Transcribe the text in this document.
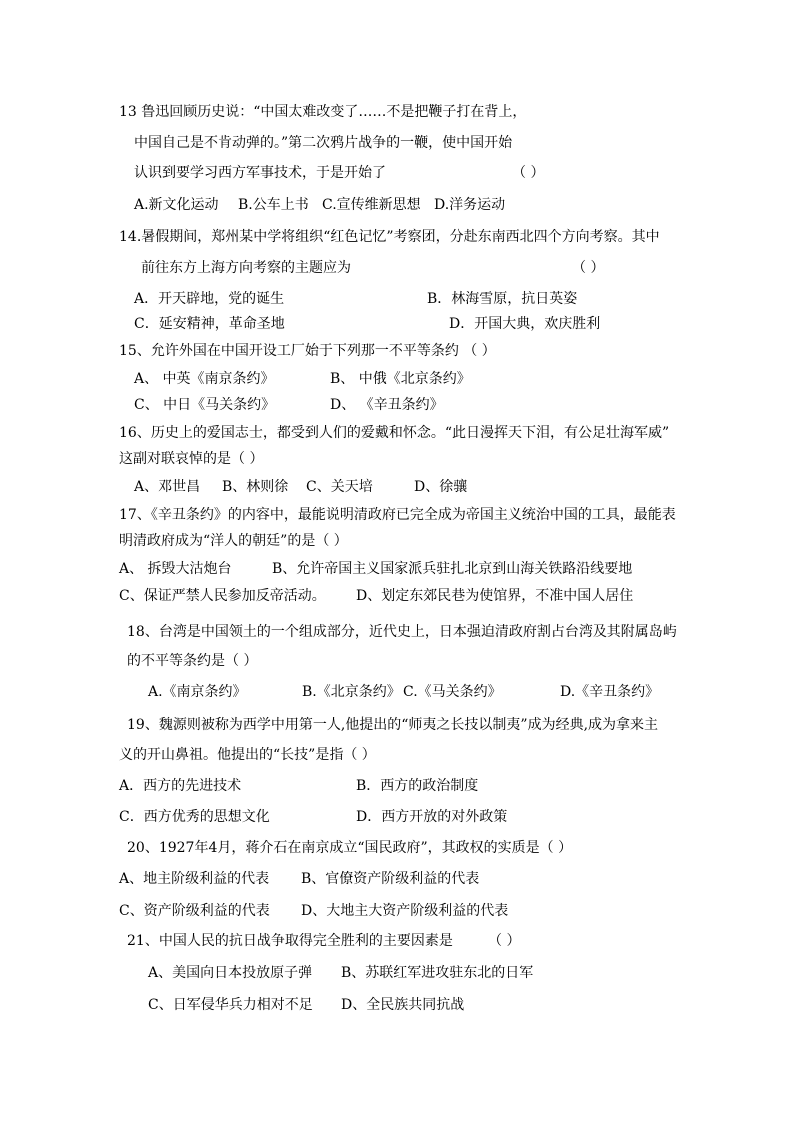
13 鲁迅回顾历史说：“中国太难改变了……不是把鞭子打在背上，
中国自己是不肯动弹的。”第二次鸦片战争的一鞭，使中国开始
认识到要学习西方军事技术，于是开始了	（ ）
A.新文化运动 B.公车上书 C.宣传维新思想 D.洋务运动
14.暑假期间，郑州某中学将组织“红色记忆”考察团，分赴东南西北四个方向考察。其中
前往东方上海方向考察的主题应为	（ ）
A．开天辟地，党的诞生	B．林海雪原，抗日英姿
C．延安精神，革命圣地	D．开国大典，欢庆胜利
15、允许外国在中国开设工厂始于下列那一不平等条约 （ ）
A、 中英《南京条约》	B、 中俄《北京条约》
C、 中日《马关条约》	D、 《辛丑条约》
16、历史上的爱国志士，都受到人们的爱戴和怀念。“此日漫挥天下泪，有公足壮海军威”
这副对联哀悼的是（ ）
A、邓世昌 B、林则徐 C、关天培	D、徐骧
17、《辛丑条约》的内容中，最能说明清政府已完全成为帝国主义统治中国的工具，最能表
明清政府成为“洋人的朝廷”的是（ ）
A、 拆毁大沽炮台	B、允许帝国主义国家派兵驻扎北京到山海关铁路沿线要地
C、保证严禁人民参加反帝活动。 D、划定东郊民巷为使馆界，不准中国人居住
18、台湾是中国领土的一个组成部分，近代史上，日本强迫清政府割占台湾及其附属岛屿
的不平等条约是（ ）
A.《南京条约》	B.《北京条约》 C.《马关条约》	D.《辛丑条约》
19、魏源则被称为西学中用第一人,他提出的“师夷之长技以制夷”成为经典,成为拿来主
义的开山鼻祖。他提出的“长技”是指（ ）
A．西方的先进技术	B．西方的政治制度
C．西方优秀的思想文化	D．西方开放的对外政策
20、1927年4月，蒋介石在南京成立“国民政府”，其政权的实质是（ ）
A、地主阶级利益的代表 B、官僚资产阶级利益的代表
C、资产阶级利益的代表 D、大地主大资产阶级利益的代表
21、中国人民的抗日战争取得完全胜利的主要因素是	（ ）
A、美国向日本投放原子弹 B、苏联红军进攻驻东北的日军
C、日军侵华兵力相对不足 D、全民族共同抗战
